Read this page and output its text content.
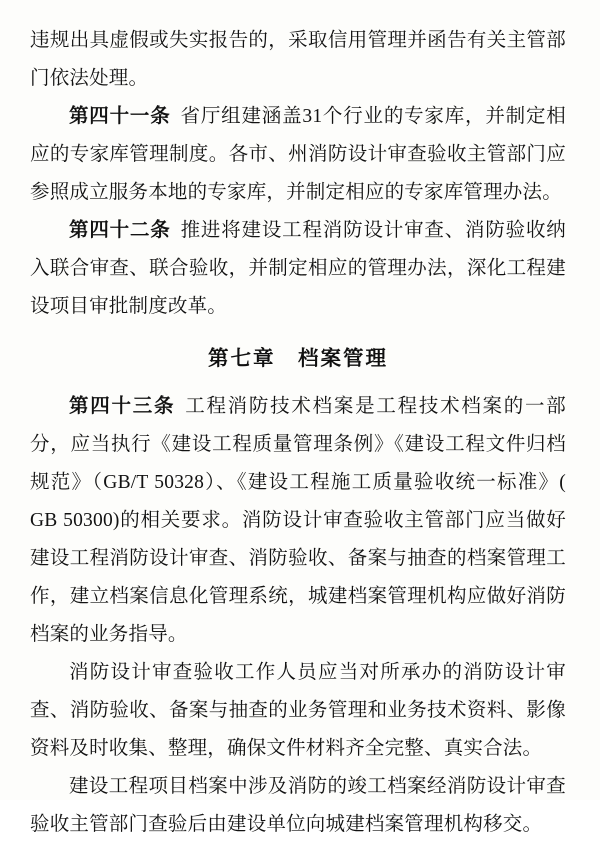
违规出具虚假或失实报告的，采取信用管理并函告有关主管部门依法处理。

第四十一条 省厅组建涵盖31个行业的专家库，并制定相应的专家库管理制度。各市、州消防设计审查验收主管部门应参照成立服务本地的专家库，并制定相应的专家库管理办法。

第四十二条 推进将建设工程消防设计审查、消防验收纳入联合审查、联合验收，并制定相应的管理办法，深化工程建设项目审批制度改革。

第七章　档案管理

第四十三条 工程消防技术档案是工程技术档案的一部分，应当执行《建设工程质量管理条例》《建设工程文件归档规范》（GB/T 50328）、《建设工程施工质量验收统一标准》( GB 50300)的相关要求。消防设计审查验收主管部门应当做好建设工程消防设计审查、消防验收、备案与抽查的档案管理工作，建立档案信息化管理系统，城建档案管理机构应做好消防档案的业务指导。

消防设计审查验收工作人员应当对所承办的消防设计审查、消防验收、备案与抽查的业务管理和业务技术资料、影像资料及时收集、整理，确保文件材料齐全完整、真实合法。

建设工程项目档案中涉及消防的竣工档案经消防设计审查验收主管部门查验后由建设单位向城建档案管理机构移交。
